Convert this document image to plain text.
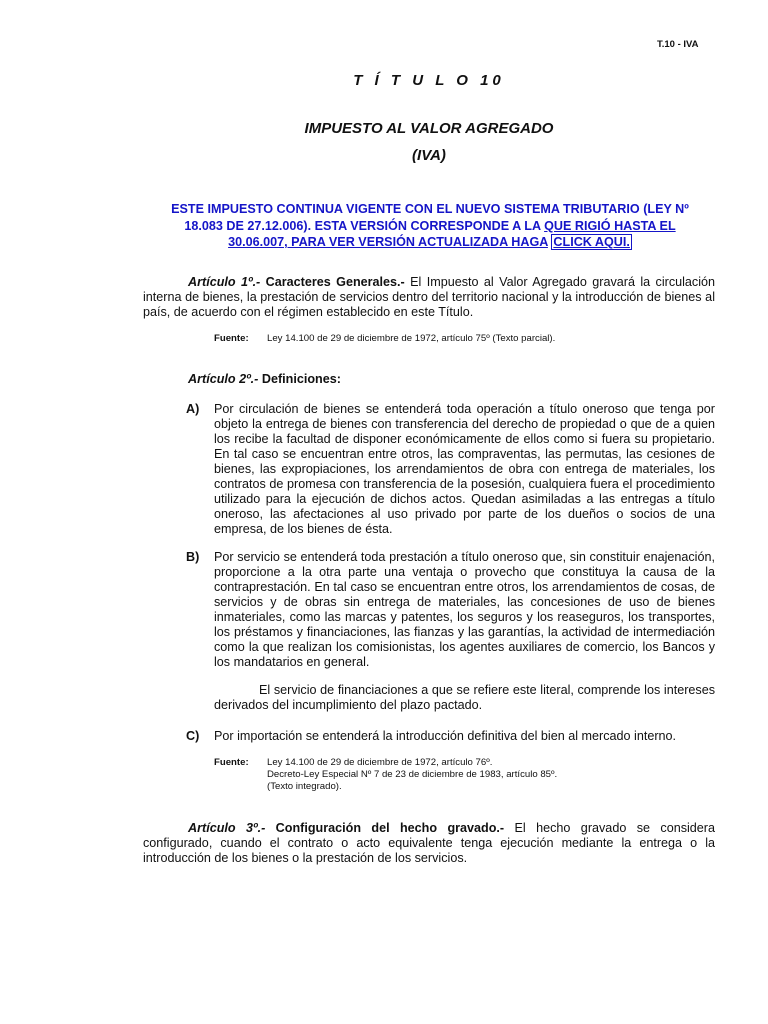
T.10 - IVA
T Í T U L O 10
IMPUESTO AL VALOR AGREGADO
(IVA)
ESTE IMPUESTO CONTINUA VIGENTE CON EL NUEVO SISTEMA TRIBUTARIO (LEY Nº 18.083 DE 27.12.006). ESTA VERSIÓN CORRESPONDE A LA QUE RIGIÓ HASTA EL 30.06.007, PARA VER VERSIÓN ACTUALIZADA HAGA CLICK AQUI.
Artículo 1º.- Caracteres Generales.- El Impuesto al Valor Agregado gravará la circulación interna de bienes, la prestación de servicios dentro del territorio nacional y la introducción de bienes al país, de acuerdo con el régimen establecido en este Título.
Fuente: Ley 14.100 de 29 de diciembre de 1972, artículo 75º (Texto parcial).
Artículo 2º.- Definiciones:
A) Por circulación de bienes se entenderá toda operación a título oneroso que tenga por objeto la entrega de bienes con transferencia del derecho de propiedad o que de a quien los recibe la facultad de disponer económicamente de ellos como si fuera su propietario. En tal caso se encuentran entre otros, las compraventas, las permutas, las cesiones de bienes, las expropiaciones, los arrendamientos de obra con entrega de materiales, los contratos de promesa con transferencia de la posesión, cualquiera fuera el procedimiento utilizado para la ejecución de dichos actos. Quedan asimiladas a las entregas a título oneroso, las afectaciones al uso privado por parte de los dueños o socios de una empresa, de los bienes de ésta.
B) Por servicio se entenderá toda prestación a título oneroso que, sin constituir enajenación, proporcione a la otra parte una ventaja o provecho que constituya la causa de la contraprestación. En tal caso se encuentran entre otros, los arrendamientos de cosas, de servicios y de obras sin entrega de materiales, las concesiones de uso de bienes inmateriales, como las marcas y patentes, los seguros y los reaseguros, los transportes, los préstamos y financiaciones, las fianzas y las garantías, la actividad de intermediación como la que realizan los comisionistas, los agentes auxiliares de comercio, los Bancos y los mandatarios en general.
El servicio de financiaciones a que se refiere este literal, comprende los intereses derivados del incumplimiento del plazo pactado.
C) Por importación se entenderá la introducción definitiva del bien al mercado interno.
Fuente: Ley 14.100 de 29 de diciembre de 1972, artículo 76º.
Decreto-Ley Especial Nº 7 de 23 de diciembre de 1983, artículo 85º.
(Texto integrado).
Artículo 3º.- Configuración del hecho gravado.- El hecho gravado se considera configurado, cuando el contrato o acto equivalente tenga ejecución mediante la entrega o la introducción de los bienes o la prestación de los servicios.
